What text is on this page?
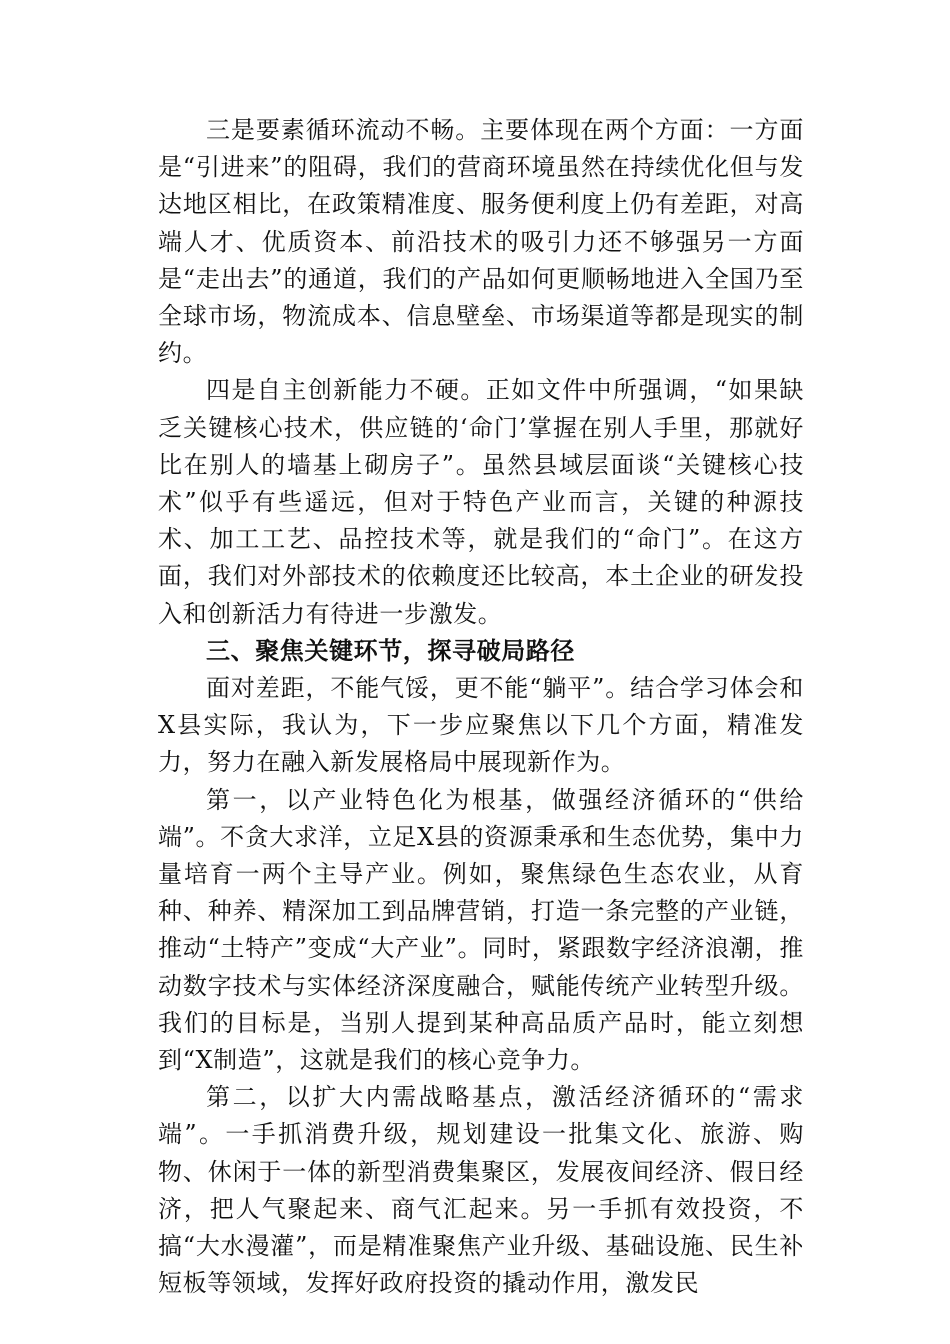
三是要素循环流动不畅。主要体现在两个方面：一方面是“引进来”的阻碍，我们的营商环境虽然在持续优化但与发达地区相比，在政策精准度、服务便利度上仍有差距，对高端人才、优质资本、前沿技术的吸引力还不够强另一方面是“走出去”的通道，我们的产品如何更顺畅地进入全国乃至全球市场，物流成本、信息壁垒、市场渠道等都是现实的制约。

四是自主创新能力不硬。正如文件中所强调，“如果缺乏关键核心技术，供应链的‘命门’掌握在别人手里，那就好比在别人的墙基上砌房子”。虽然县域层面谈“关键核心技术”似乎有些遥远，但对于特色产业而言，关键的种源技术、加工工艺、品控技术等，就是我们的“命门”。在这方面，我们对外部技术的依赖度还比较高，本土企业的研发投入和创新活力有待进一步激发。

三、聚焦关键环节，探寻破局路径

面对差距，不能气馁，更不能“躺平”。结合学习体会和X县实际，我认为，下一步应聚焦以下几个方面，精准发力，努力在融入新发展格局中展现新作为。

第一，以产业特色化为根基，做强经济循环的“供给端”。不贪大求洋，立足X县的资源秉承和生态优势，集中力量培育一两个主导产业。例如，聚焦绿色生态农业，从育种、种养、精深加工到品牌营销，打造一条完整的产业链，推动“土特产”变成“大产业”。同时，紧跟数字经济浪潮，推动数字技术与实体经济深度融合，赋能传统产业转型升级。我们的目标是，当别人提到某种高品质产品时，能立刻想到“X制造”，这就是我们的核心竞争力。

第二，以扩大内需战略基点，激活经济循环的“需求端”。一手抓消费升级，规划建设一批集文化、旅游、购物、休闲于一体的新型消费集聚区，发展夜间经济、假日经济，把人气聚起来、商气汇起来。另一手抓有效投资，不搞“大水漫灌”，而是精准聚焦产业升级、基础设施、民生补短板等领域，发挥好政府投资的撬动作用，激发民
